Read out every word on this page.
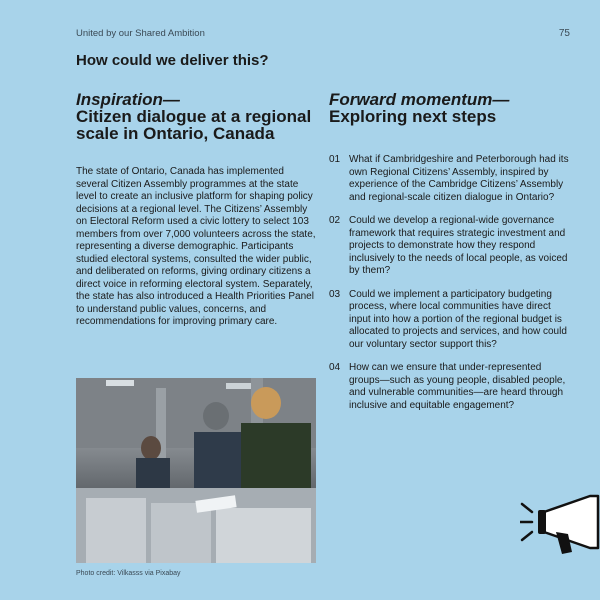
United by our Shared Ambition	75
How could we deliver this?
Inspiration—
Citizen dialogue at a regional scale in Ontario, Canada
The state of Ontario, Canada has implemented several Citizen Assembly programmes at the state level to create an inclusive platform for shaping policy decisions at a regional level. The Citizens’ Assembly on Electoral Reform used a civic lottery to select 103 members from over 7,000 volunteers across the state, representing a diverse demographic. Participants studied electoral systems, consulted the wider public, and deliberated on reforms, giving ordinary citizens a direct voice in reforming electoral system. Separately, the state has also introduced a Health Priorities Panel to understand public values, concerns, and recommendations for improving primary care.
Forward momentum—
Exploring next steps
01 What if Cambridgeshire and Peterborough had its own Regional Citizens’ Assembly, inspired by experience of the Cambridge Citizens’ Assembly and regional-scale citizen dialogue in Ontario?
02 Could we develop a regional-wide governance framework that requires strategic investment and projects to demonstrate how they respond inclusively to the needs of local people, as voiced by them?
03 Could we implement a participatory budgeting process, where local communities have direct input into how a portion of the regional budget is allocated to projects and services, and how could our voluntary sector support this?
04 How can we ensure that under-represented groups—such as young people, disabled people, and vulnerable communities—are heard through inclusive and equitable engagement?
Photo credit: Vilkasss via Pixabay
